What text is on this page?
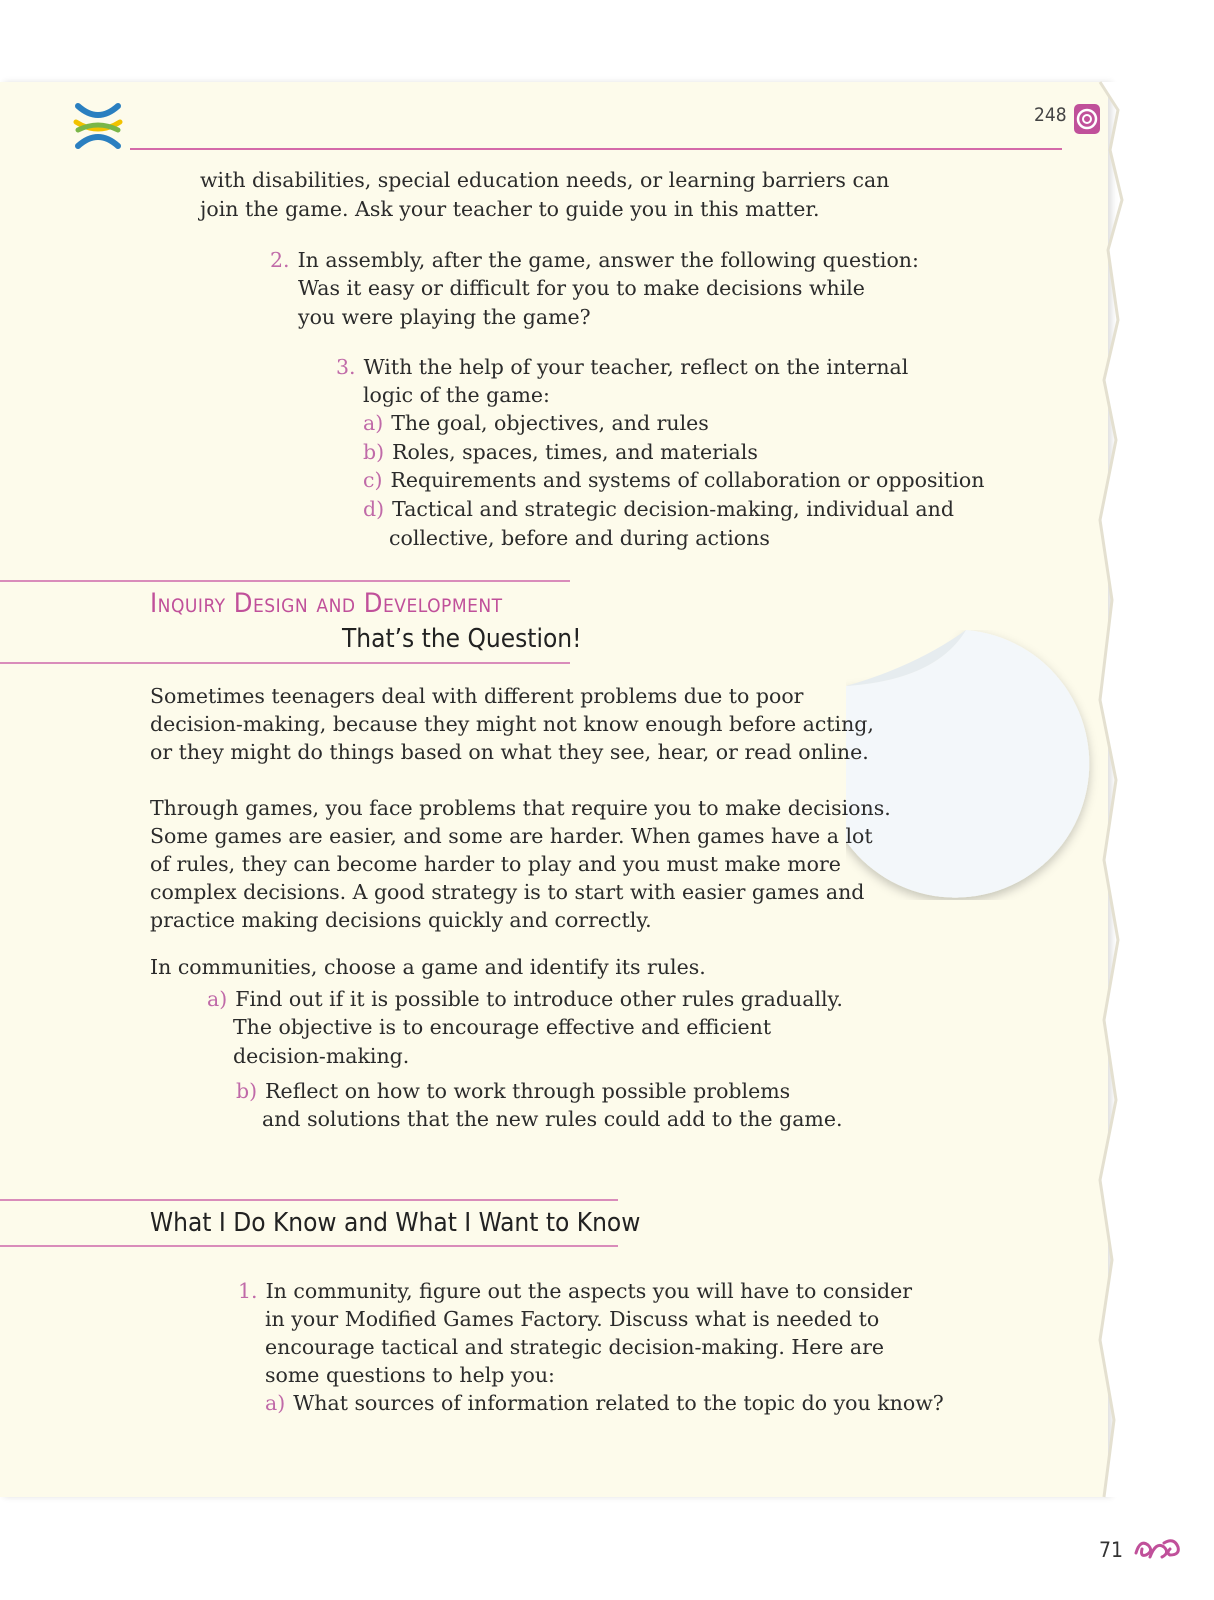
248

with disabilities, special education needs, or learning barriers can

join the game. Ask your teacher to guide you in this matter.

2. In assembly, after the game, answer the following question:
Was it easy or difficult for you to make decisions while
you were playing the game?
3. With the help of your teacher, reflect on the internal
logic of the game:
a) The goal, objectives, and rules
b) Roles, spaces, times, and materials
c) Requirements and systems of collaboration or opposition
d) Tactical and strategic decision-making, individual and
collective, before and during actions
Inquiry Design and Development
That’s the Question!

Sometimes teenagers deal with different problems due to poor

decision-making, because they might not know enough before acting,

or they might do things based on what they see, hear, or read online.

Through games, you face problems that require you to make decisions.

Some games are easier, and some are harder. When games have a lot

of rules, they can become harder to play and you must make more

complex decisions. A good strategy is to start with easier games and

practice making decisions quickly and correctly.

In communities, choose a game and identify its rules.

a) Find out if it is possible to introduce other rules gradually.
The objective is to encourage effective and efficient
decision-making.
b) Reflect on how to work through possible problems
and solutions that the new rules could add to the game.
What I Do Know and What I Want to Know
1. In community, figure out the aspects you will have to consider
in your Modified Games Factory. Discuss what is needed to
encourage tactical and strategic decision-making. Here are
some questions to help you:
a) What sources of information related to the topic do you know?
71
